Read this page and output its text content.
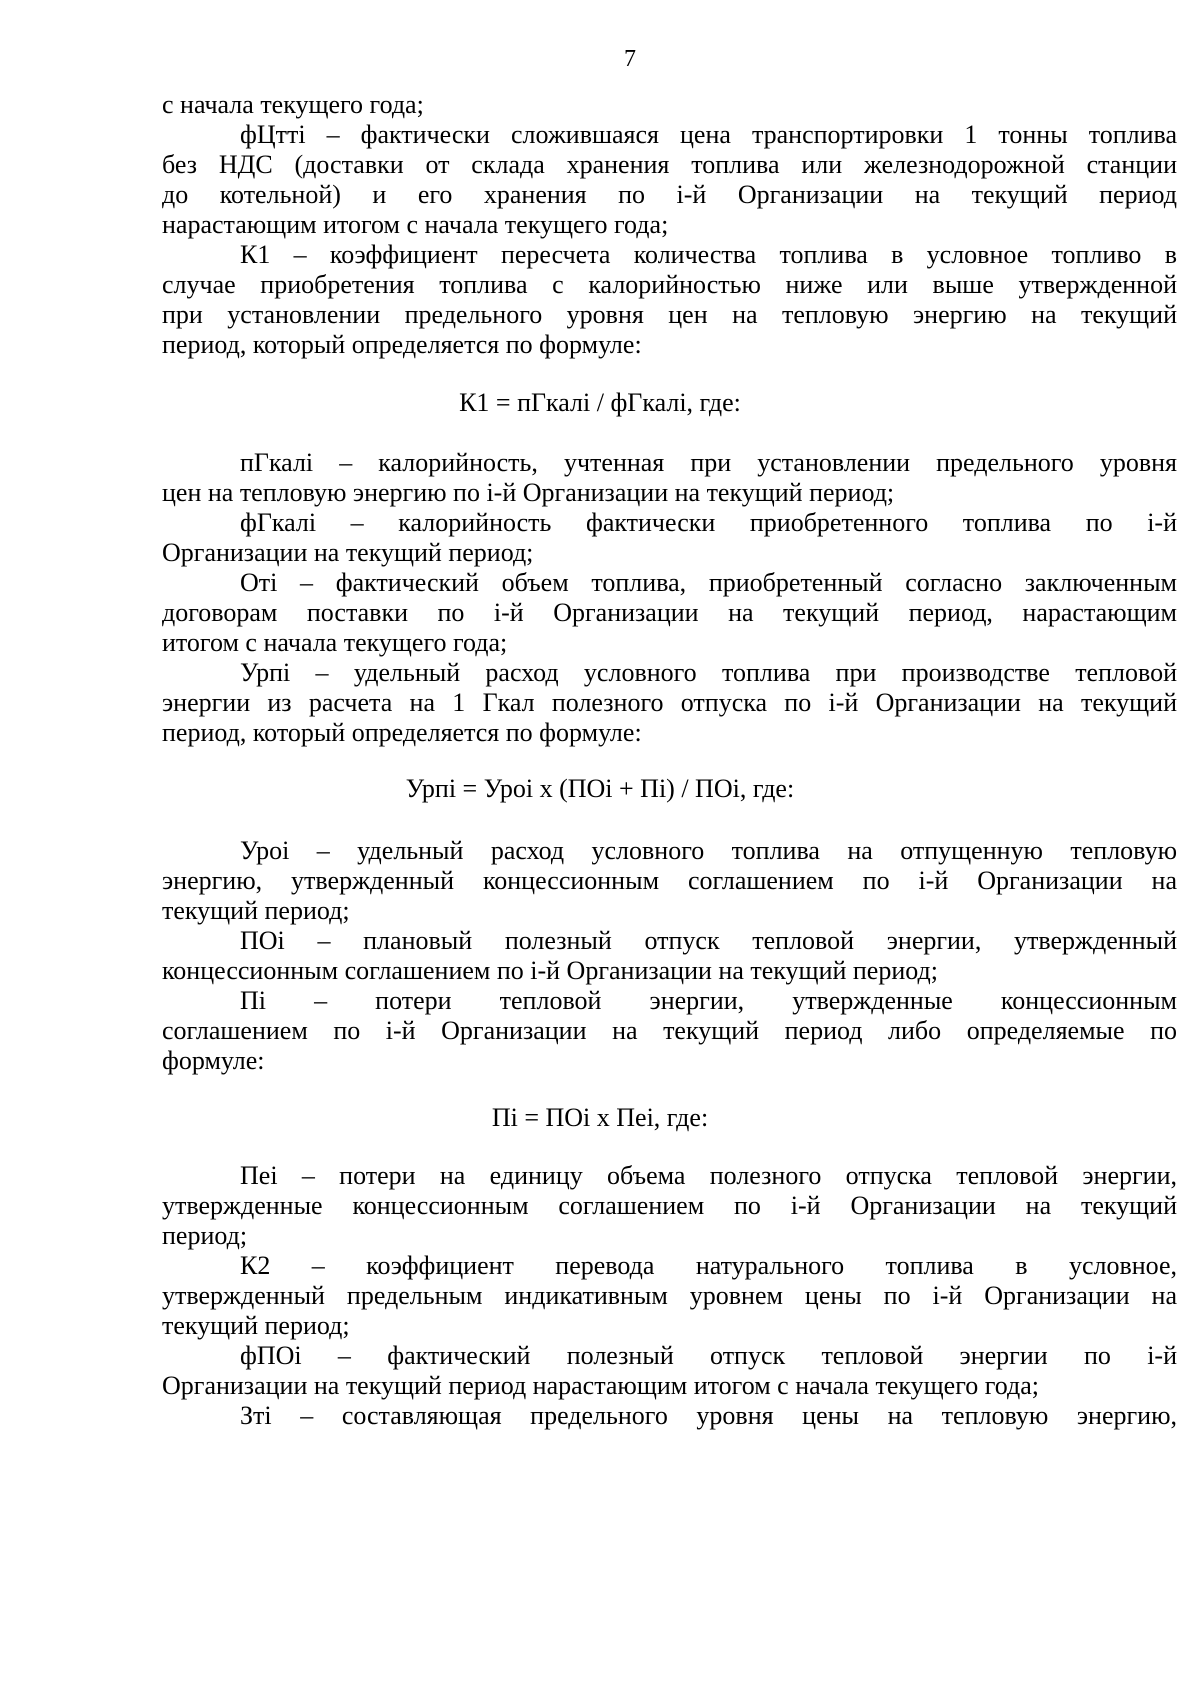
7
с начала текущего года;
фЦттi – фактически сложившаяся цена транспортировки 1 тонны топлива
без НДС (доставки от склада хранения топлива или железнодорожной станции
до котельной) и его хранения по i-й Организации на текущий период
нарастающим итогом с начала текущего года;
К1 – коэффициент пересчета количества топлива в условное топливо в
случае приобретения топлива с калорийностью ниже или выше утвержденной
при установлении предельного уровня цен на тепловую энергию на текущий
период, который определяется по формуле:
К1 = пГкалi / фГкалi, где:
пГкалi – калорийность, учтенная при установлении предельного уровня
цен на тепловую энергию по i-й Организации на текущий период;
фГкалi – калорийность фактически приобретенного топлива по i-й
Организации на текущий период;
Отi – фактический объем топлива, приобретенный согласно заключенным
договорам поставки по i-й Организации на текущий период, нарастающим
итогом с начала текущего года;
Урпi – удельный расход условного топлива при производстве тепловой
энергии из расчета на 1 Гкал полезного отпуска по i-й Организации на текущий
период, который определяется по формуле:
Урпi = Уроi х (ПОi + Пi) / ПОi, где:
Уроi – удельный расход условного топлива на отпущенную тепловую
энергию, утвержденный концессионным соглашением по i-й Организации на
текущий период;
ПОi – плановый полезный отпуск тепловой энергии, утвержденный
концессионным соглашением по i-й Организации на текущий период;
Пi – потери тепловой энергии, утвержденные концессионным
соглашением по i-й Организации на текущий период либо определяемые по
формуле:
Пi = ПОi х Пеi, где:
Пеi – потери на единицу объема полезного отпуска тепловой энергии,
утвержденные концессионным соглашением по i-й Организации на текущий
период;
К2 – коэффициент перевода натурального топлива в условное,
утвержденный предельным индикативным уровнем цены по i-й Организации на
текущий период;
фПОi – фактический полезный отпуск тепловой энергии по i-й
Организации на текущий период нарастающим итогом с начала текущего года;
Зтi – составляющая предельного уровня цены на тепловую энергию,
